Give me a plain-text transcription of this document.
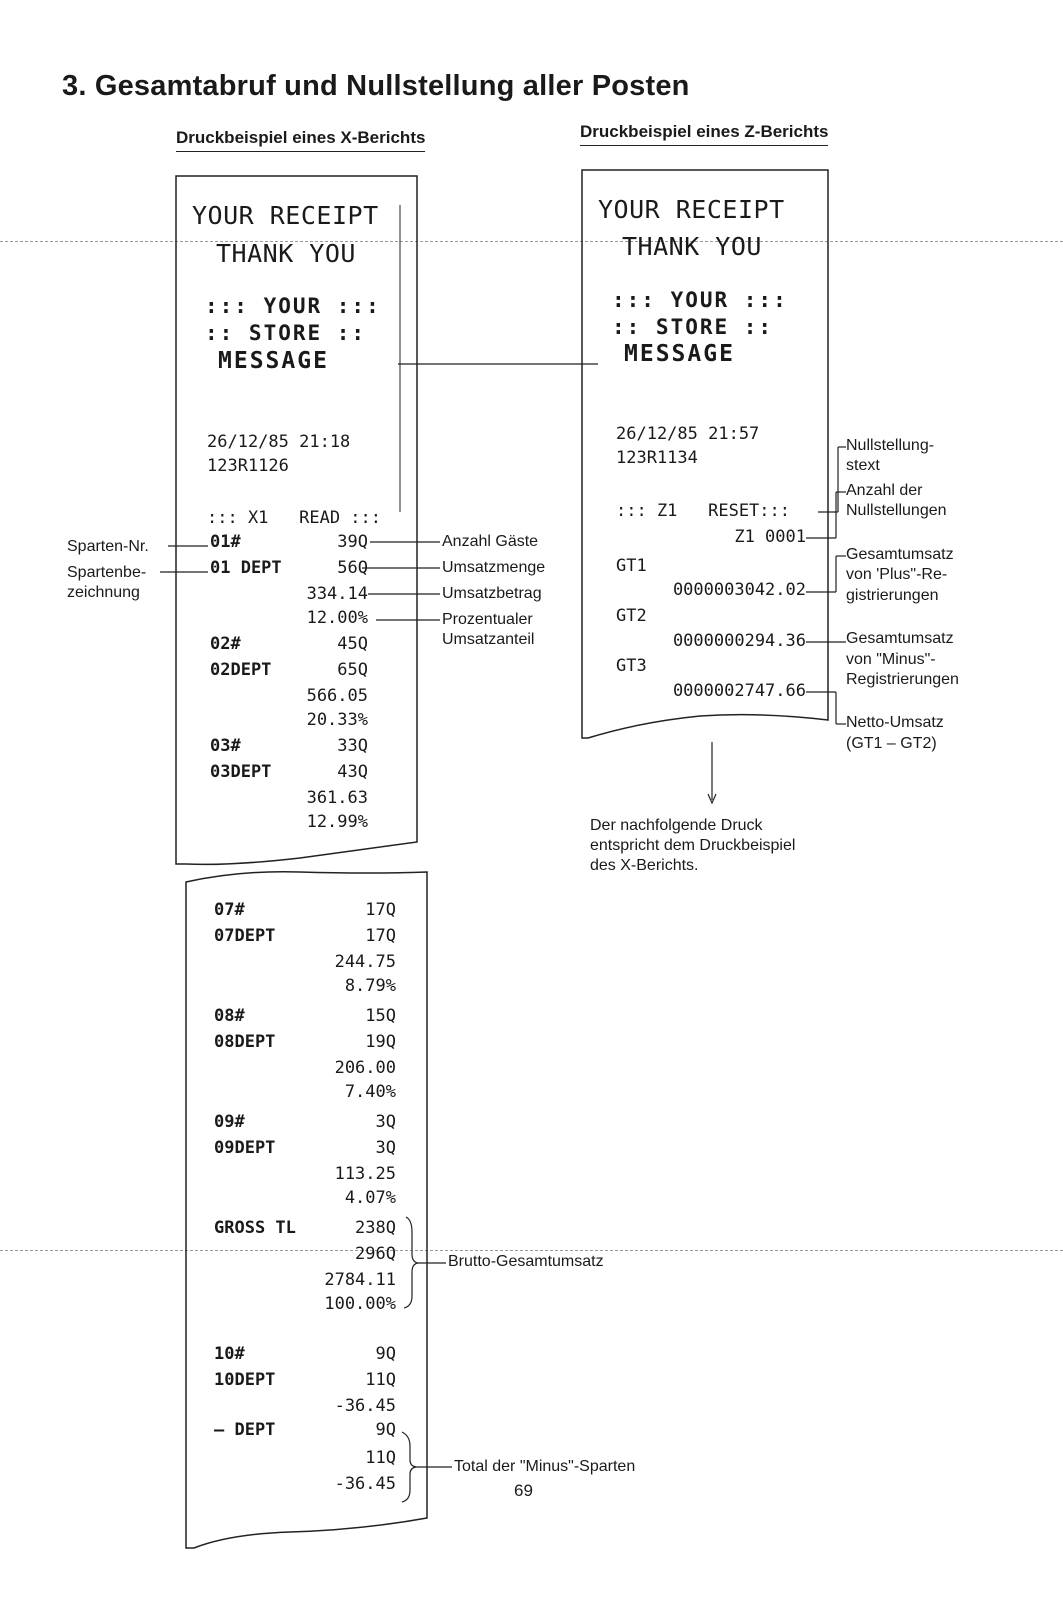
3. Gesamtabruf und Nullstellung aller Posten
Druckbeispiel eines X-Berichts	Druckbeispiel eines Z-Berichts
YOUR RECEIPT
THANK YOU
::: YOUR :::
:: STORE ::
MESSAGE
26/12/85 21:18
123R1126
::: X1   READ :::
01#	39Q
01 DEPT	56Q
334.14
12.00%
02#	45Q
02DEPT	65Q
566.05
20.33%
03#	33Q
03DEPT	43Q
361.63
12.99%
07#	17Q
07DEPT	17Q
244.75
8.79%
08#	15Q
08DEPT	19Q
206.00
7.40%
09#	3Q
09DEPT	3Q
113.25
4.07%
GROSS TL	238Q
296Q
2784.11
100.00%
10#	9Q
10DEPT	11Q
-36.45
— DEPT	9Q
11Q
-36.45
YOUR RECEIPT
THANK YOU
::: YOUR :::
:: STORE ::
MESSAGE
26/12/85 21:57
123R1134
::: Z1   RESET:::
Z1 0001
GT1
0000003042.02
GT2
0000000294.36
GT3
0000002747.66
Sparten-Nr.
Spartenbe-
zeichnung
Anzahl Gäste
Umsatzmenge
Umsatzbetrag
Prozentualer
Umsatzanteil
Brutto-Gesamtumsatz
Total der "Minus"-Sparten
Nullstellung-
stext
Anzahl der
Nullstellungen
Gesamtumsatz
von 'Plus"-Re-
gistrierungen
Gesamtumsatz
von "Minus"-
Registrierungen
Netto-Umsatz
(GT1 – GT2)
Der nachfolgende Druck
entspricht dem Druckbeispiel
des X-Berichts.
69
